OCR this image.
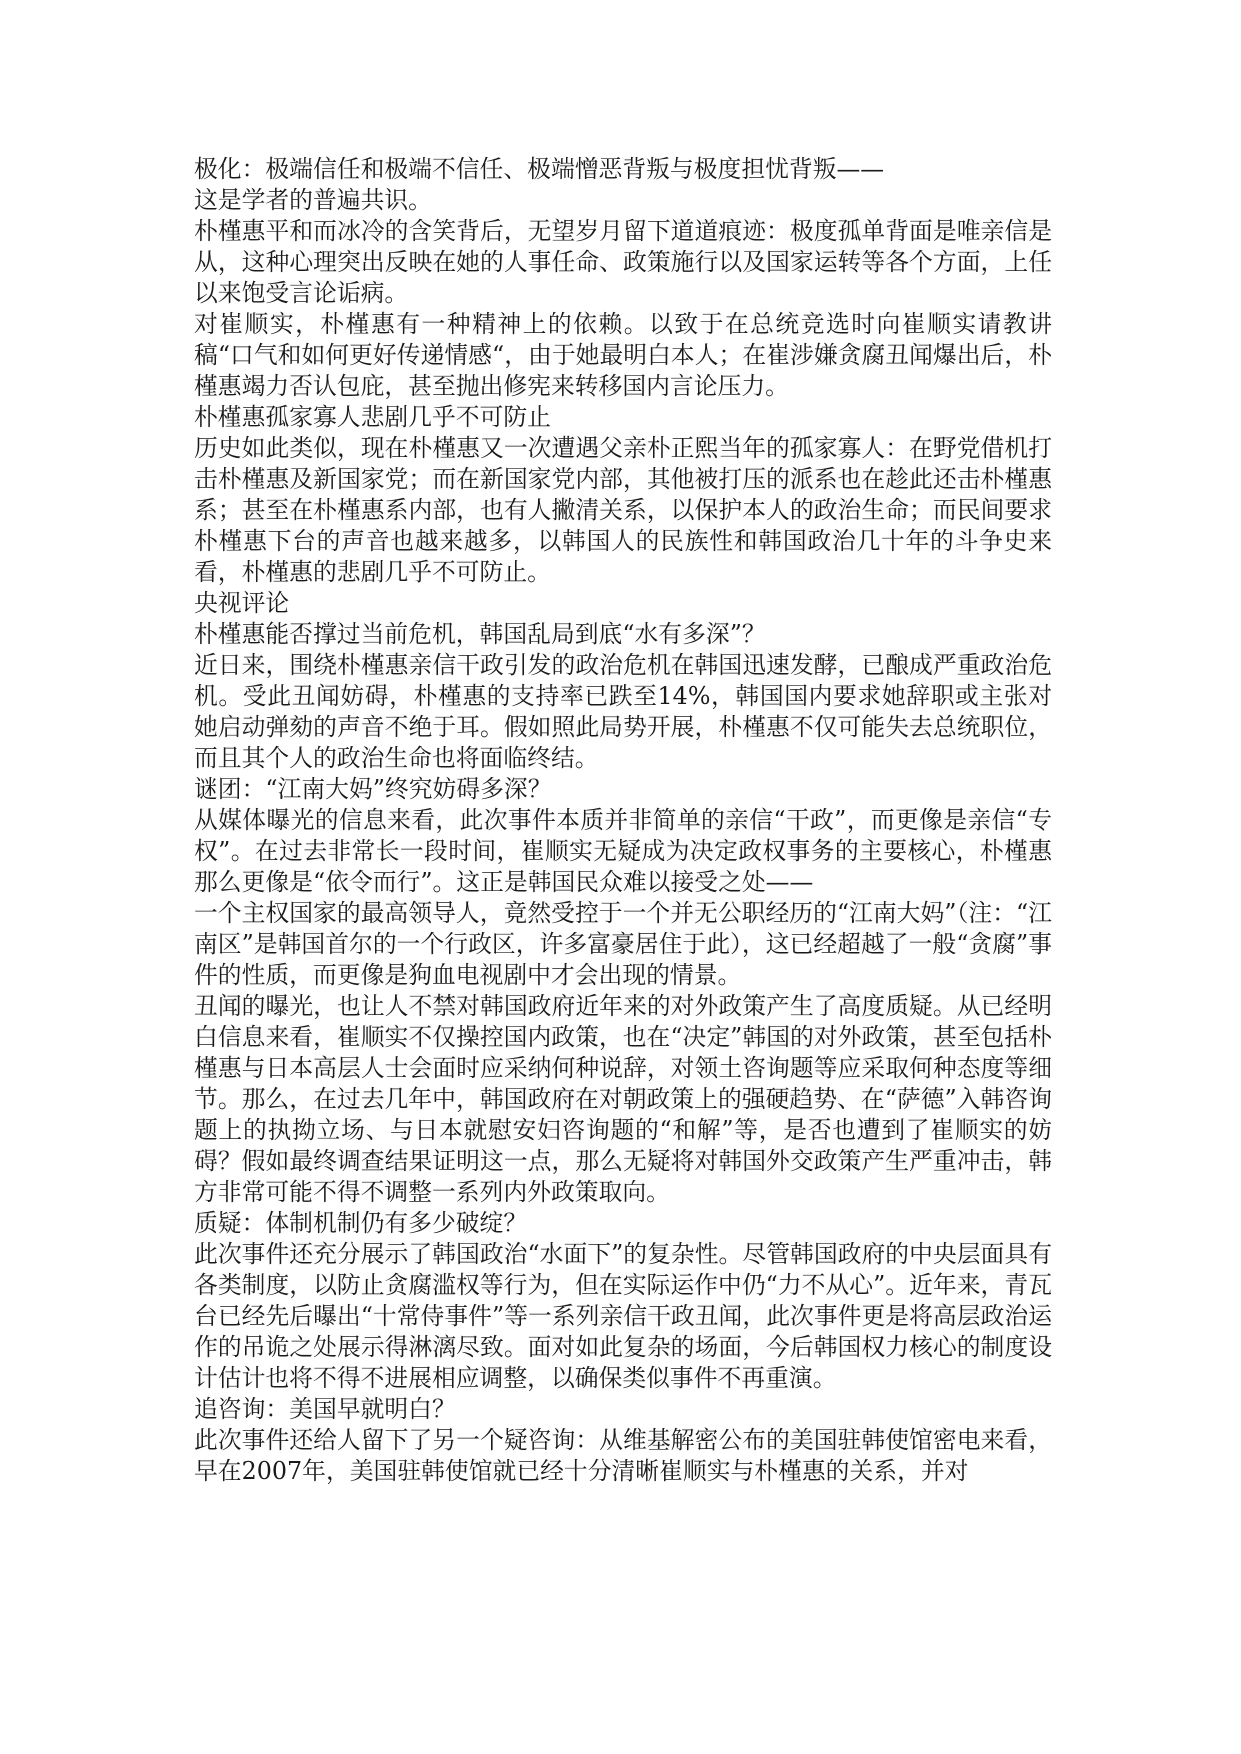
极化：极端信任和极端不信任、极端憎恶背叛与极度担忧背叛——

这是学者的普遍共识。

朴槿惠平和而冰冷的含笑背后，无望岁月留下道道痕迹：极度孤单背面是唯亲信是从，这种心理突出反映在她的人事任命、政策施行以及国家运转等各个方面，上任以来饱受言论诟病。

对崔顺实，朴槿惠有一种精神上的依赖。以致于在总统竞选时向崔顺实请教讲稿“口气和如何更好传递情感“，由于她最明白本人；在崔涉嫌贪腐丑闻爆出后，朴槿惠竭力否认包庇，甚至抛出修宪来转移国内言论压力。

朴槿惠孤家寡人悲剧几乎不可防止

历史如此类似，现在朴槿惠又一次遭遇父亲朴正熙当年的孤家寡人：在野党借机打击朴槿惠及新国家党；而在新国家党内部，其他被打压的派系也在趁此还击朴槿惠系；甚至在朴槿惠系内部，也有人撇清关系，以保护本人的政治生命；而民间要求朴槿惠下台的声音也越来越多，以韩国人的民族性和韩国政治几十年的斗争史来看，朴槿惠的悲剧几乎不可防止。

央视评论

朴槿惠能否撑过当前危机，韩国乱局到底“水有多深”？

近日来，围绕朴槿惠亲信干政引发的政治危机在韩国迅速发酵，已酿成严重政治危机。受此丑闻妨碍，朴槿惠的支持率已跌至14%，韩国国内要求她辞职或主张对她启动弹劾的声音不绝于耳。假如照此局势开展，朴槿惠不仅可能失去总统职位，而且其个人的政治生命也将面临终结。

谜团：“江南大妈”终究妨碍多深？

从媒体曝光的信息来看，此次事件本质并非简单的亲信“干政”，而更像是亲信“专权”。在过去非常长一段时间，崔顺实无疑成为决定政权事务的主要核心，朴槿惠那么更像是“依令而行”。这正是韩国民众难以接受之处——

一个主权国家的最高领导人，竟然受控于一个并无公职经历的“江南大妈”（注：“江南区”是韩国首尔的一个行政区，许多富豪居住于此），这已经超越了一般“贪腐”事件的性质，而更像是狗血电视剧中才会出现的情景。

丑闻的曝光，也让人不禁对韩国政府近年来的对外政策产生了高度质疑。从已经明白信息来看，崔顺实不仅操控国内政策，也在“决定”韩国的对外政策，甚至包括朴槿惠与日本高层人士会面时应采纳何种说辞，对领土咨询题等应采取何种态度等细节。那么，在过去几年中，韩国政府在对朝政策上的强硬趋势、在“萨德”入韩咨询题上的执拗立场、与日本就慰安妇咨询题的“和解”等，是否也遭到了崔顺实的妨碍？假如最终调查结果证明这一点，那么无疑将对韩国外交政策产生严重冲击，韩方非常可能不得不调整一系列内外政策取向。

质疑：体制机制仍有多少破绽？

此次事件还充分展示了韩国政治“水面下”的复杂性。尽管韩国政府的中央层面具有各类制度，以防止贪腐滥权等行为，但在实际运作中仍“力不从心”。近年来，青瓦台已经先后曝出“十常侍事件”等一系列亲信干政丑闻，此次事件更是将高层政治运作的吊诡之处展示得淋漓尽致。面对如此复杂的场面，今后韩国权力核心的制度设计估计也将不得不进展相应调整，以确保类似事件不再重演。

追咨询：美国早就明白？

此次事件还给人留下了另一个疑咨询：从维基解密公布的美国驻韩使馆密电来看，早在2007年，美国驻韩使馆就已经十分清晰崔顺实与朴槿惠的关系，并对
